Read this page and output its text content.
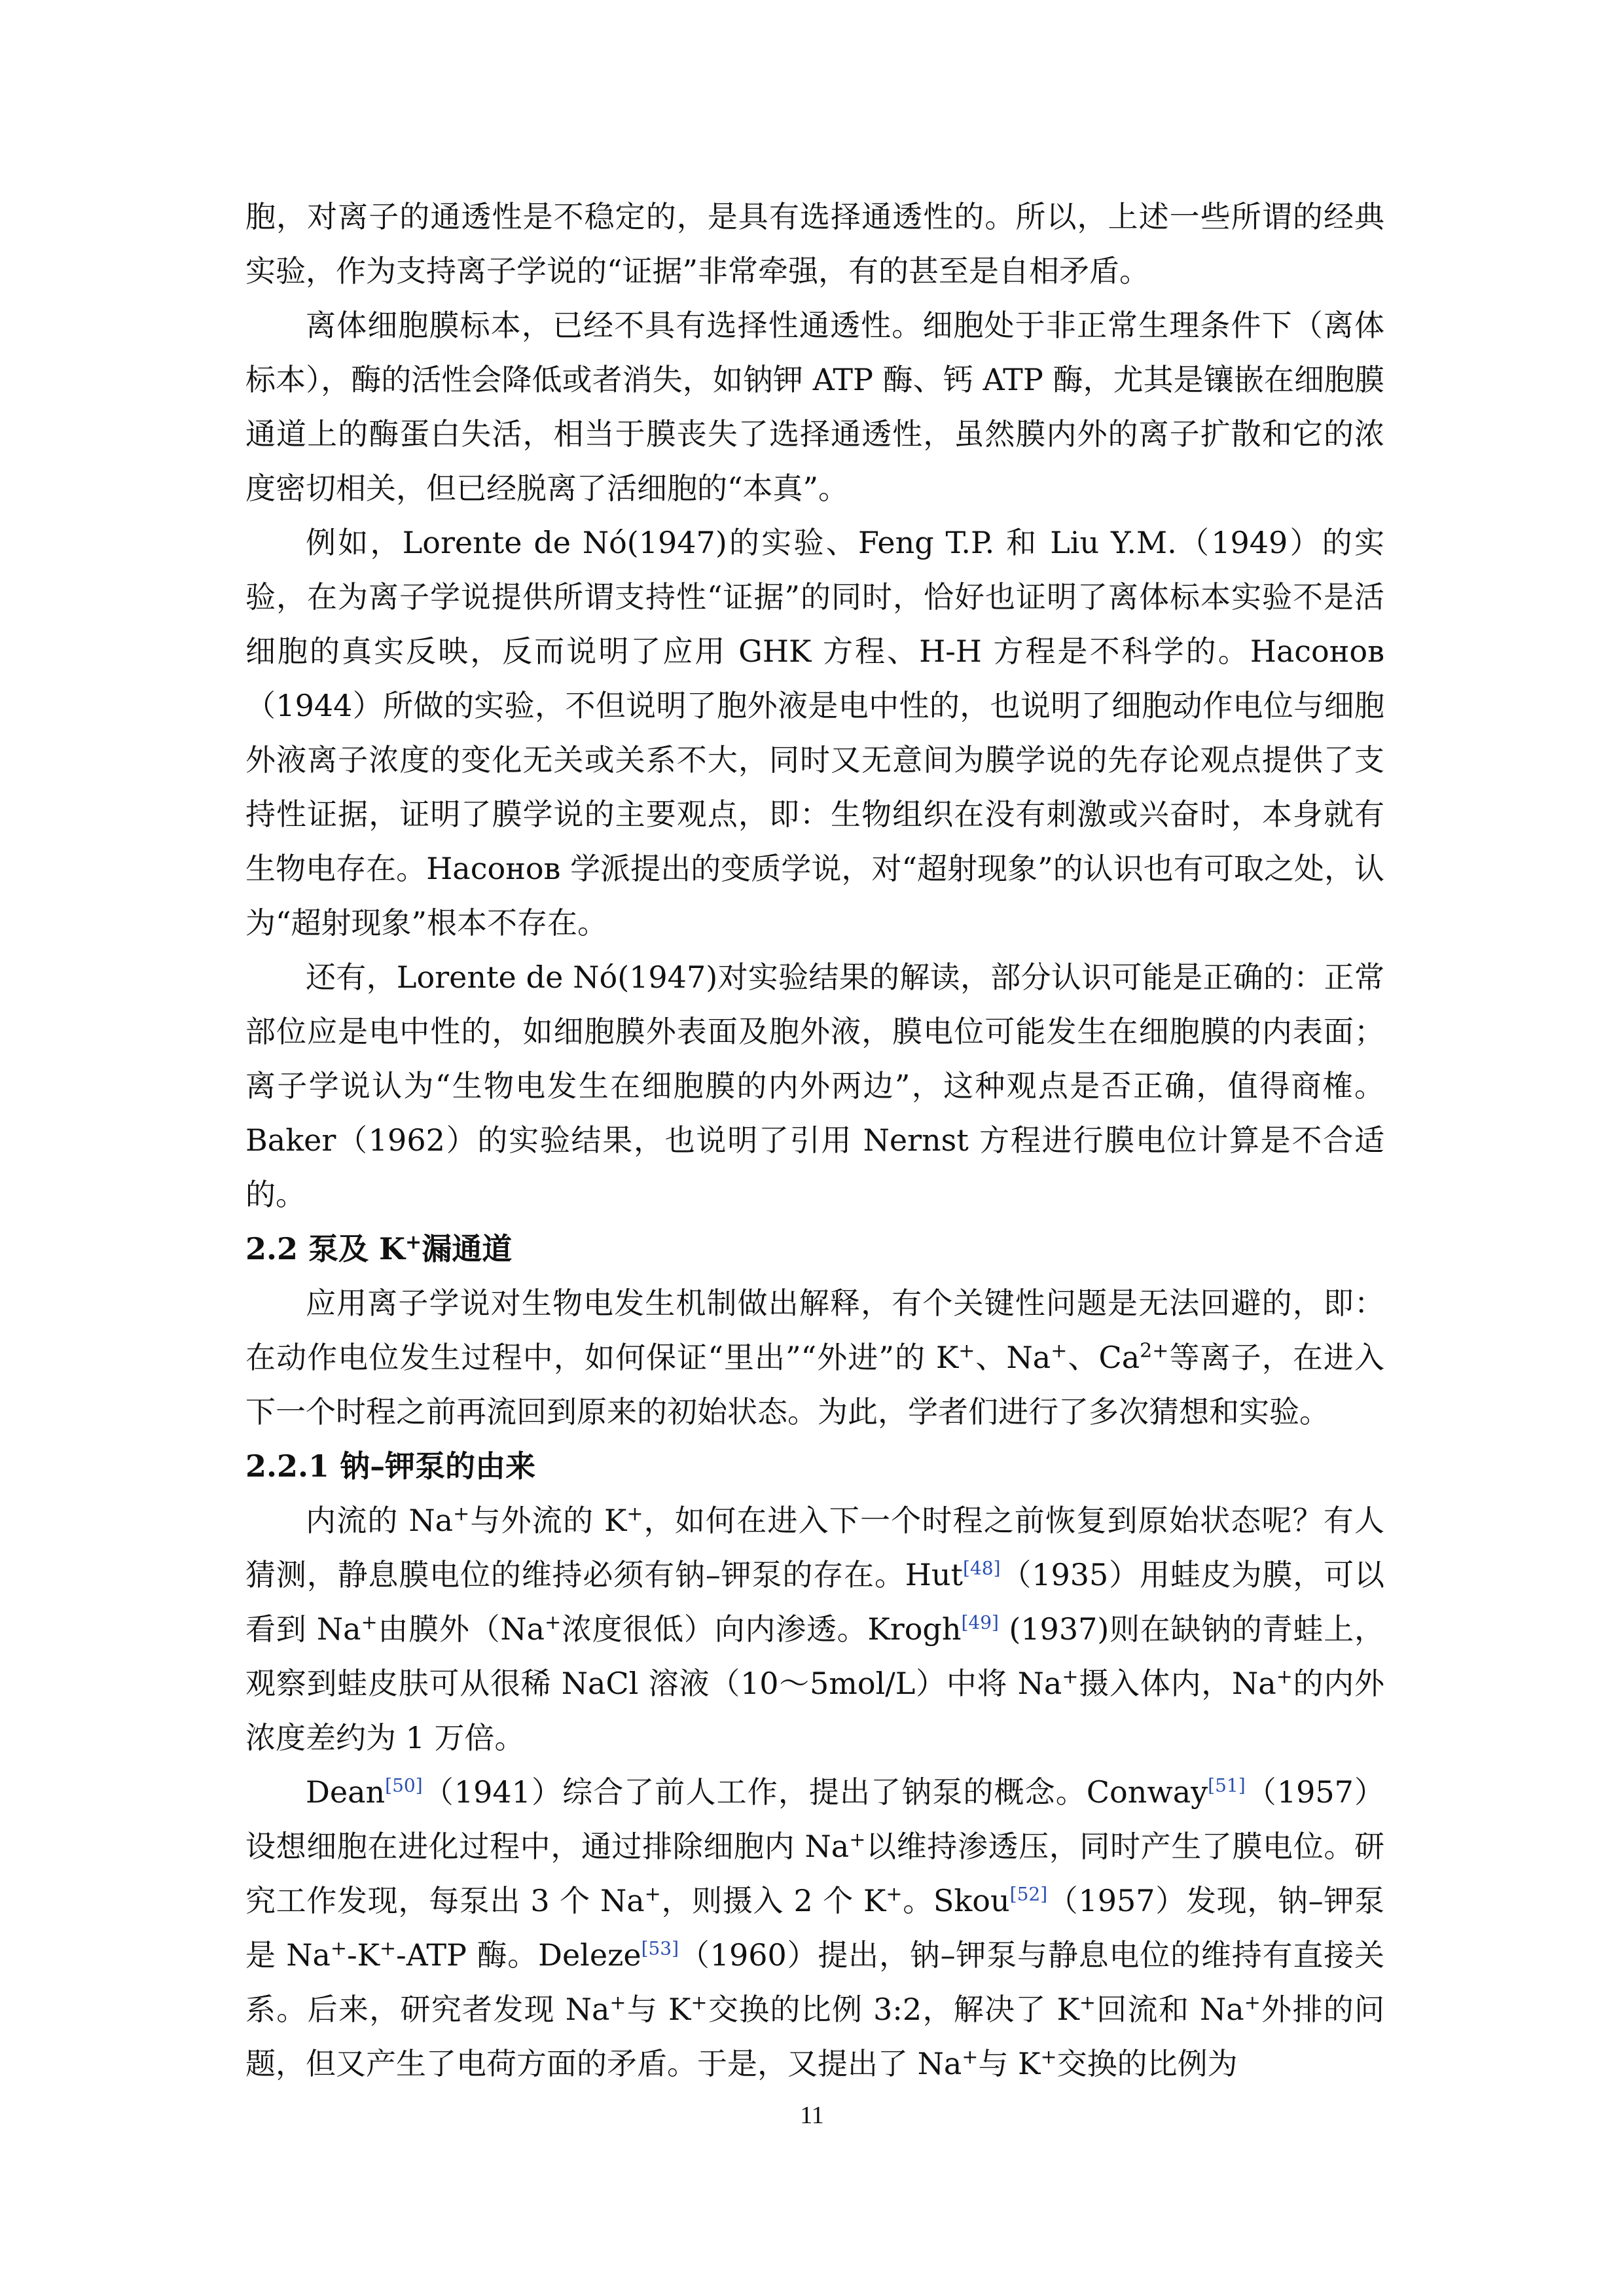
胞，对离子的通透性是不稳定的，是具有选择通透性的。所以，上述一些所谓的经典实验，作为支持离子学说的“证据”非常牵强，有的甚至是自相矛盾。

离体细胞膜标本，已经不具有选择性通透性。细胞处于非正常生理条件下（离体标本），酶的活性会降低或者消失，如钠钾 ATP 酶、钙 ATP 酶，尤其是镶嵌在细胞膜通道上的酶蛋白失活，相当于膜丧失了选择通透性，虽然膜内外的离子扩散和它的浓度密切相关，但已经脱离了活细胞的“本真”。

例如，Lorente de Nó(1947)的实验、Feng T.P. 和 Liu Y.M.（1949）的实验，在为离子学说提供所谓支持性“证据”的同时，恰好也证明了离体标本实验不是活细胞的真实反映，反而说明了应用 GHK 方程、H-H 方程是不科学的。Насонов（1944）所做的实验，不但说明了胞外液是电中性的，也说明了细胞动作电位与细胞外液离子浓度的变化无关或关系不大，同时又无意间为膜学说的先存论观点提供了支持性证据，证明了膜学说的主要观点，即：生物组织在没有刺激或兴奋时，本身就有生物电存在。Насонов 学派提出的变质学说，对“超射现象”的认识也有可取之处，认为“超射现象”根本不存在。

还有，Lorente de Nó(1947)对实验结果的解读，部分认识可能是正确的：正常部位应是电中性的，如细胞膜外表面及胞外液，膜电位可能发生在细胞膜的内表面；离子学说认为“生物电发生在细胞膜的内外两边”，这种观点是否正确，值得商榷。Baker（1962）的实验结果，也说明了引用 Nernst 方程进行膜电位计算是不合适的。

2.2 泵及 K+漏通道

应用离子学说对生物电发生机制做出解释，有个关键性问题是无法回避的，即：在动作电位发生过程中，如何保证“里出”“外进”的 K+、Na+、$Ca^{2+}$等离子，在进入下一个时程之前再流回到原来的初始状态。为此，学者们进行了多次猜想和实验。

2.2.1 钠–钾泵的由来

内流的 Na+与外流的 K+，如何在进入下一个时程之前恢复到原始状态呢？有人猜测，静息膜电位的维持必须有钠–钾泵的存在。Hut[48]（1935）用蛙皮为膜，可以看到 Na+由膜外（Na+浓度很低）向内渗透。Krogh[49] (1937)则在缺钠的青蛙上，观察到蛙皮肤可从很稀 NaCl 溶液（10～5mol/L）中将 Na+摄入体内，Na+的内外浓度差约为 1 万倍。

Dean[50]（1941）综合了前人工作，提出了钠泵的概念。Conway[51]（1957）设想细胞在进化过程中，通过排除细胞内 Na+以维持渗透压，同时产生了膜电位。研究工作发现，每泵出 3 个 Na+，则摄入 2 个 K+。Skou[52]（1957）发现，钠–钾泵是 Na+-K+-ATP 酶。Deleze[53]（1960）提出，钠–钾泵与静息电位的维持有直接关系。后来，研究者发现 Na+与 K+交换的比例 3:2，解决了 K+回流和 Na+外排的问题，但又产生了电荷方面的矛盾。于是，又提出了 Na+与 K+交换的比例为

11
